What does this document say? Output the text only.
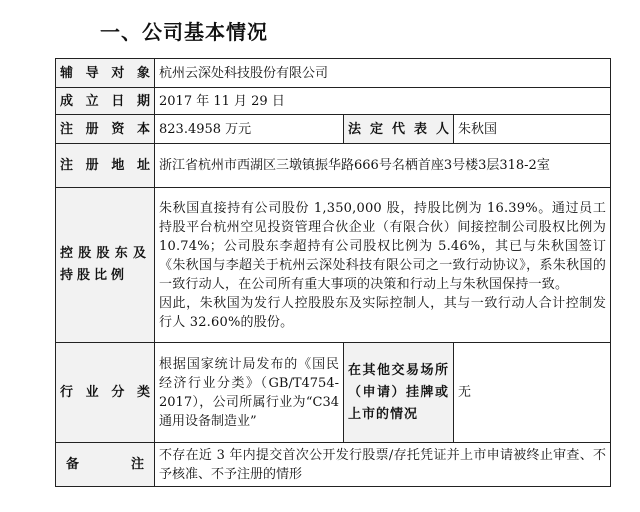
一、公司基本情况
辅导对象	杭州云深处科技股份有限公司		
成立日期	2017 年 11 月 29 日		
注册资本	823.4958 万元	法定代表人	朱秋国
注册地址	浙江省杭州市西湖区三墩镇振华路666号名栖首座3号楼3层318-2室		
控股股东及持股比例	朱秋国直接持有公司股份 1,350,000 股，持股比例为 16.39%。通过员工持股平台杭州空见投资管理合伙企业（有限合伙）间接控制公司股权比例为 10.74%；公司股东李超持有公司股权比例为 5.46%，其已与朱秋国签订《朱秋国与李超关于杭州云深处科技有限公司之一致行动协议》，系朱秋国的一致行动人，在公司所有重大事项的决策和行动上与朱秋国保持一致。
因此，朱秋国为发行人控股股东及实际控制人，其与一致行动人合计控制发行人 32.60%的股份。		

行业分类	根据国家统计局发布的《国民经济行业分类》（GB/T4754-2017），公司所属行业为“C34 通用设备制造业”	在其他交易场所（申请）挂牌或上市的情况	无

备 注	不存在近 3 年内提交首次公开发行股票/存托凭证并上市申请被终止审查、不予核准、不予注册的情形		
